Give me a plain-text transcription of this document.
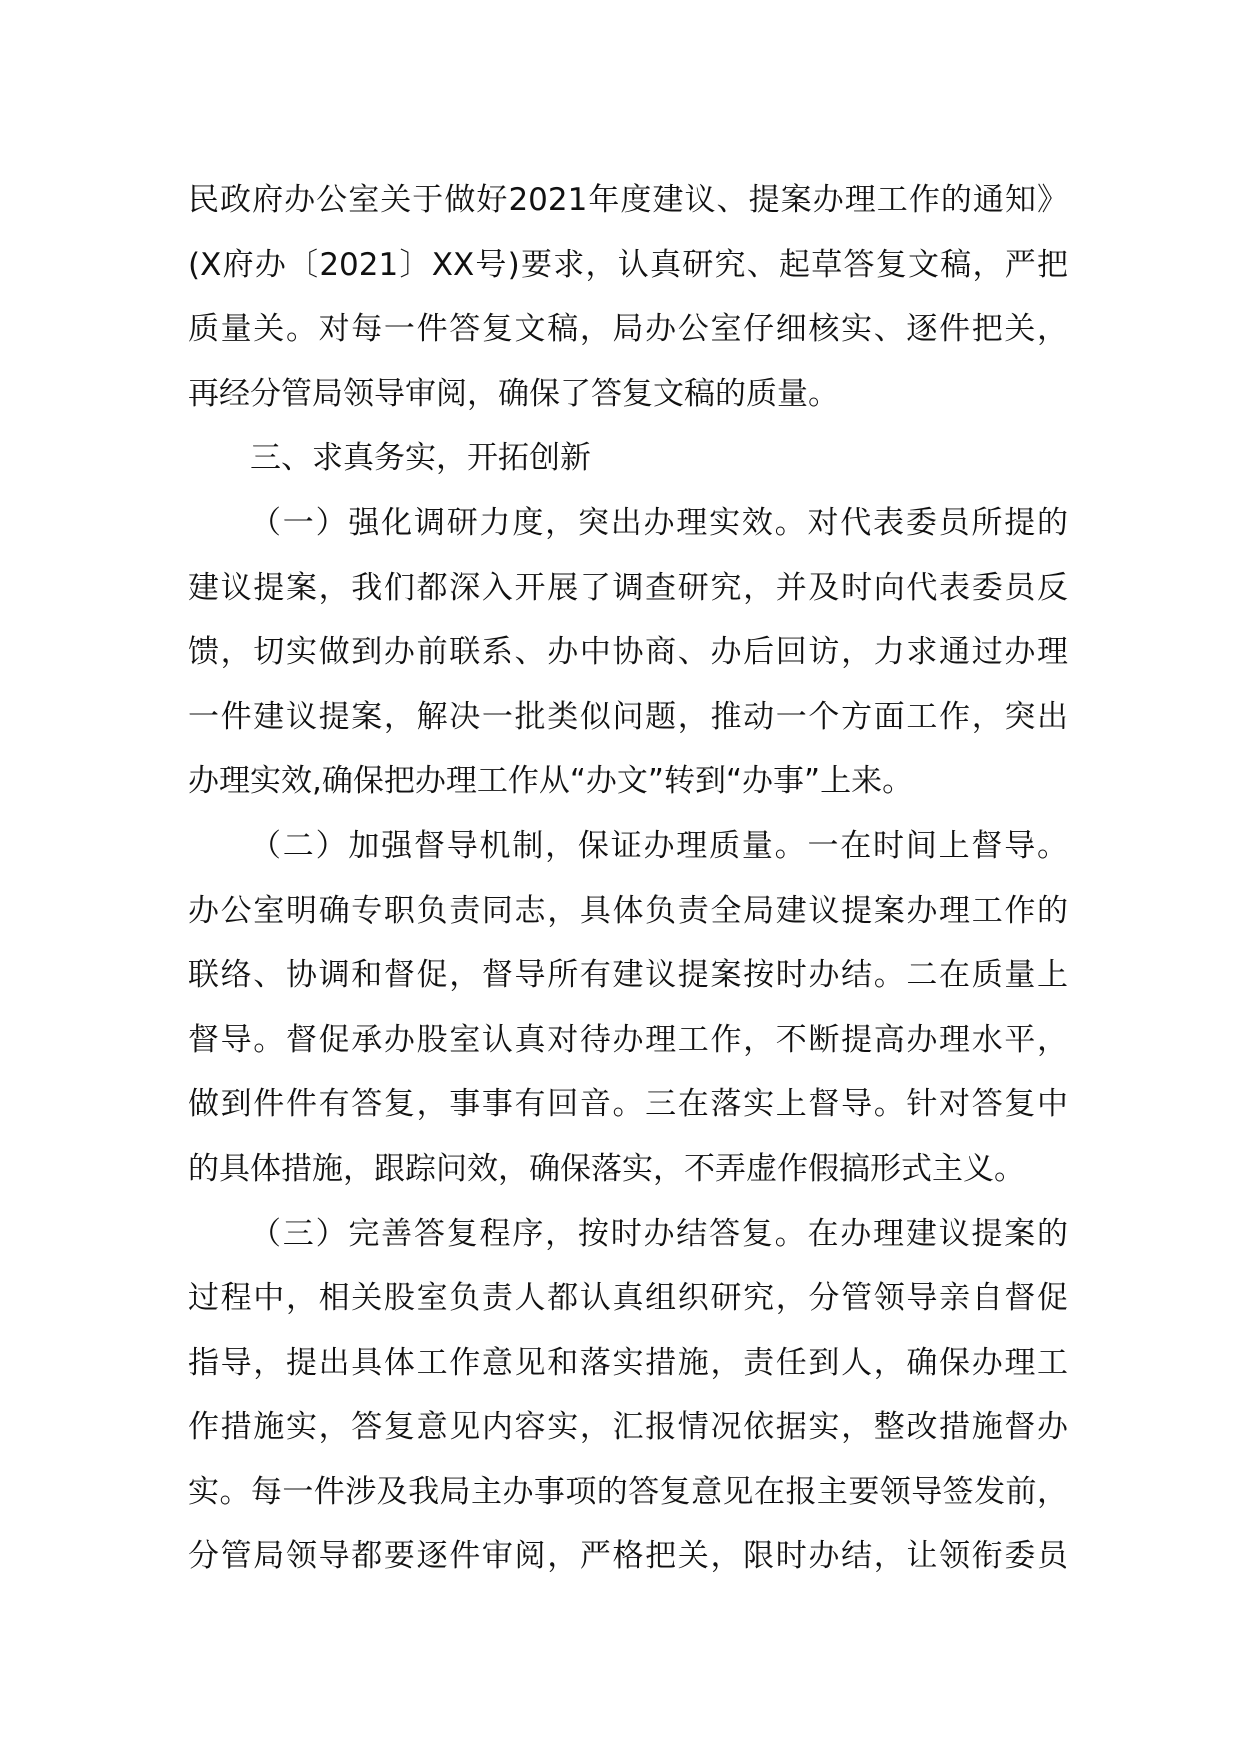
民政府办公室关于做好2021年度建议、提案办理工作的通知》
(X府办〔2021〕XX号)要求，认真研究、起草答复文稿，严把
质量关。对每一件答复文稿，局办公室仔细核实、逐件把关，
再经分管局领导审阅，确保了答复文稿的质量。
三、求真务实，开拓创新
（一）强化调研力度，突出办理实效。对代表委员所提的
建议提案，我们都深入开展了调查研究，并及时向代表委员反
馈，切实做到办前联系、办中协商、办后回访，力求通过办理
一件建议提案，解决一批类似问题，推动一个方面工作，突出
办理实效,确保把办理工作从“办文”转到“办事”上来。
（二）加强督导机制，保证办理质量。一在时间上督导。
办公室明确专职负责同志，具体负责全局建议提案办理工作的
联络、协调和督促，督导所有建议提案按时办结。二在质量上
督导。督促承办股室认真对待办理工作，不断提高办理水平，
做到件件有答复，事事有回音。三在落实上督导。针对答复中
的具体措施，跟踪问效，确保落实，不弄虚作假搞形式主义。
（三）完善答复程序，按时办结答复。在办理建议提案的
过程中，相关股室负责人都认真组织研究，分管领导亲自督促
指导，提出具体工作意见和落实措施，责任到人，确保办理工
作措施实，答复意见内容实，汇报情况依据实，整改措施督办
实。每一件涉及我局主办事项的答复意见在报主要领导签发前，
分管局领导都要逐件审阅，严格把关，限时办结，让领衔委员
